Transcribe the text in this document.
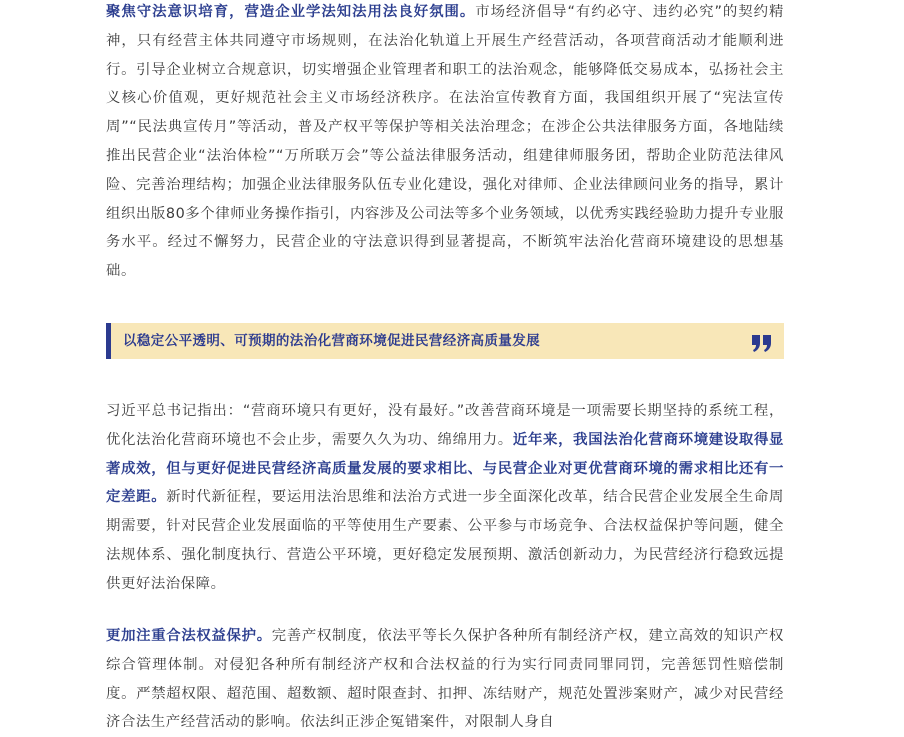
聚焦守法意识培育，营造企业学法知法用法良好氛围。市场经济倡导“有约必守、违约必究”的契约精神，只有经营主体共同遵守市场规则，在法治化轨道上开展生产经营活动，各项营商活动才能顺利进行。引导企业树立合规意识，切实增强企业管理者和职工的法治观念，能够降低交易成本，弘扬社会主义核心价值观，更好规范社会主义市场经济秩序。在法治宣传教育方面，我国组织开展了“宪法宣传周”“民法典宣传月”等活动，普及产权平等保护等相关法治理念；在涉企公共法律服务方面，各地陆续推出民营企业“法治体检”“万所联万会”等公益法律服务活动，组建律师服务团，帮助企业防范法律风险、完善治理结构；加强企业法律服务队伍专业化建设，强化对律师、企业法律顾问业务的指导，累计组织出版80多个律师业务操作指引，内容涉及公司法等多个业务领域，以优秀实践经验助力提升专业服务水平。经过不懈努力，民营企业的守法意识得到显著提高，不断筑牢法治化营商环境建设的思想基础。

以稳定公平透明、可预期的法治化营商环境促进民营经济高质量发展

习近平总书记指出：“营商环境只有更好，没有最好。”改善营商环境是一项需要长期坚持的系统工程，优化法治化营商环境也不会止步，需要久久为功、绵绵用力。近年来，我国法治化营商环境建设取得显著成效，但与更好促进民营经济高质量发展的要求相比、与民营企业对更优营商环境的需求相比还有一定差距。新时代新征程，要运用法治思维和法治方式进一步全面深化改革，结合民营企业发展全生命周期需要，针对民营企业发展面临的平等使用生产要素、公平参与市场竞争、合法权益保护等问题，健全法规体系、强化制度执行、营造公平环境，更好稳定发展预期、激活创新动力，为民营经济行稳致远提供更好法治保障。

更加注重合法权益保护。完善产权制度，依法平等长久保护各种所有制经济产权，建立高效的知识产权综合管理体制。对侵犯各种所有制经济产权和合法权益的行为实行同责同罪同罚，完善惩罚性赔偿制度。严禁超权限、超范围、超数额、超时限查封、扣押、冻结财产，规范处置涉案财产，减少对民营经济合法生产经营活动的影响。依法纠正涉企冤错案件，对限制人身自
